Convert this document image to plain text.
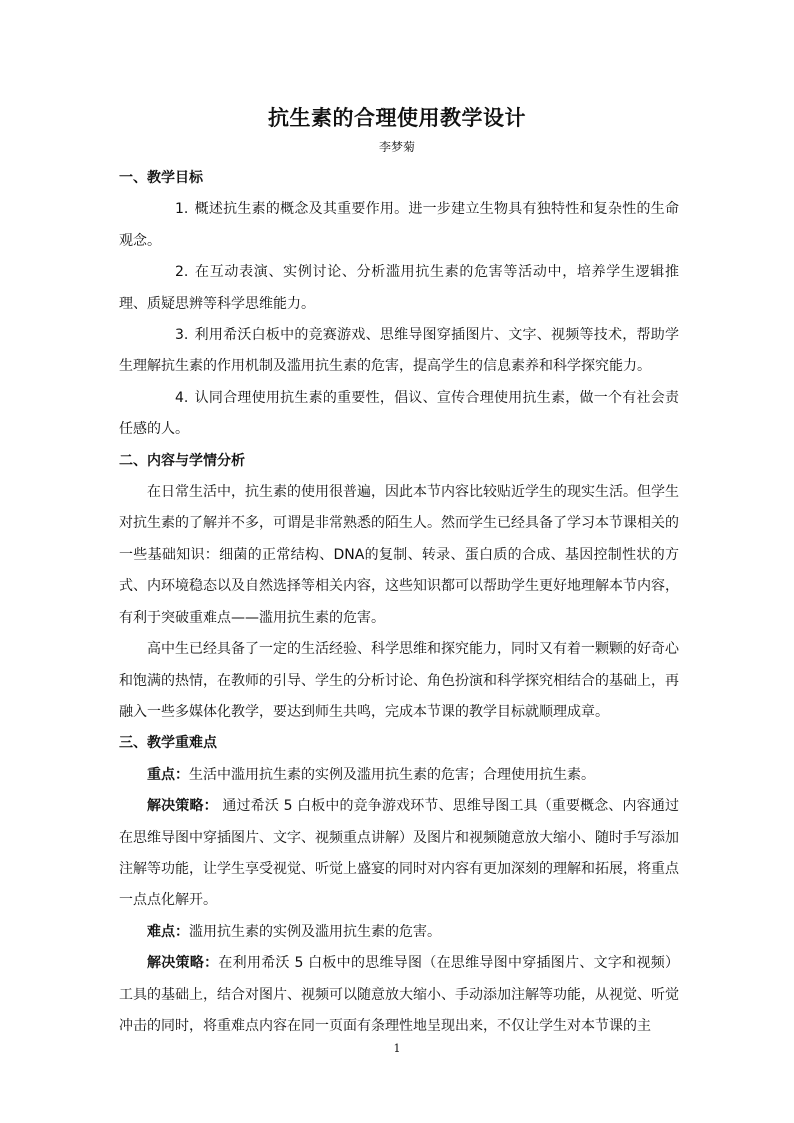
抗生素的合理使用教学设计
李梦菊

一、教学目标

1. 概述抗生素的概念及其重要作用。进一步建立生物具有独特性和复杂性的生命观念。

2. 在互动表演、实例讨论、分析滥用抗生素的危害等活动中，培养学生逻辑推理、质疑思辨等科学思维能力。

3. 利用希沃白板中的竞赛游戏、思维导图穿插图片、文字、视频等技术，帮助学生理解抗生素的作用机制及滥用抗生素的危害，提高学生的信息素养和科学探究能力。

4. 认同合理使用抗生素的重要性，倡议、宣传合理使用抗生素，做一个有社会责任感的人。

二、内容与学情分析

在日常生活中，抗生素的使用很普遍，因此本节内容比较贴近学生的现实生活。但学生对抗生素的了解并不多，可谓是非常熟悉的陌生人。然而学生已经具备了学习本节课相关的一些基础知识：细菌的正常结构、DNA的复制、转录、蛋白质的合成、基因控制性状的方式、内环境稳态以及自然选择等相关内容，这些知识都可以帮助学生更好地理解本节内容，有利于突破重难点——滥用抗生素的危害。

高中生已经具备了一定的生活经验、科学思维和探究能力，同时又有着一颗颗的好奇心和饱满的热情，在教师的引导、学生的分析讨论、角色扮演和科学探究相结合的基础上，再融入一些多媒体化教学，要达到师生共鸣，完成本节课的教学目标就顺理成章。

三、教学重难点

重点：生活中滥用抗生素的实例及滥用抗生素的危害；合理使用抗生素。

解决策略： 通过希沃 5 白板中的竞争游戏环节、思维导图工具（重要概念、内容通过在思维导图中穿插图片、文字、视频重点讲解）及图片和视频随意放大缩小、随时手写添加注解等功能，让学生享受视觉、听觉上盛宴的同时对内容有更加深刻的理解和拓展，将重点一点点化解开。

难点：滥用抗生素的实例及滥用抗生素的危害。

解决策略：在利用希沃 5 白板中的思维导图（在思维导图中穿插图片、文字和视频）工具的基础上，结合对图片、视频可以随意放大缩小、手动添加注解等功能，从视觉、听觉冲击的同时，将重难点内容在同一页面有条理性地呈现出来，不仅让学生对本节课的主

1
